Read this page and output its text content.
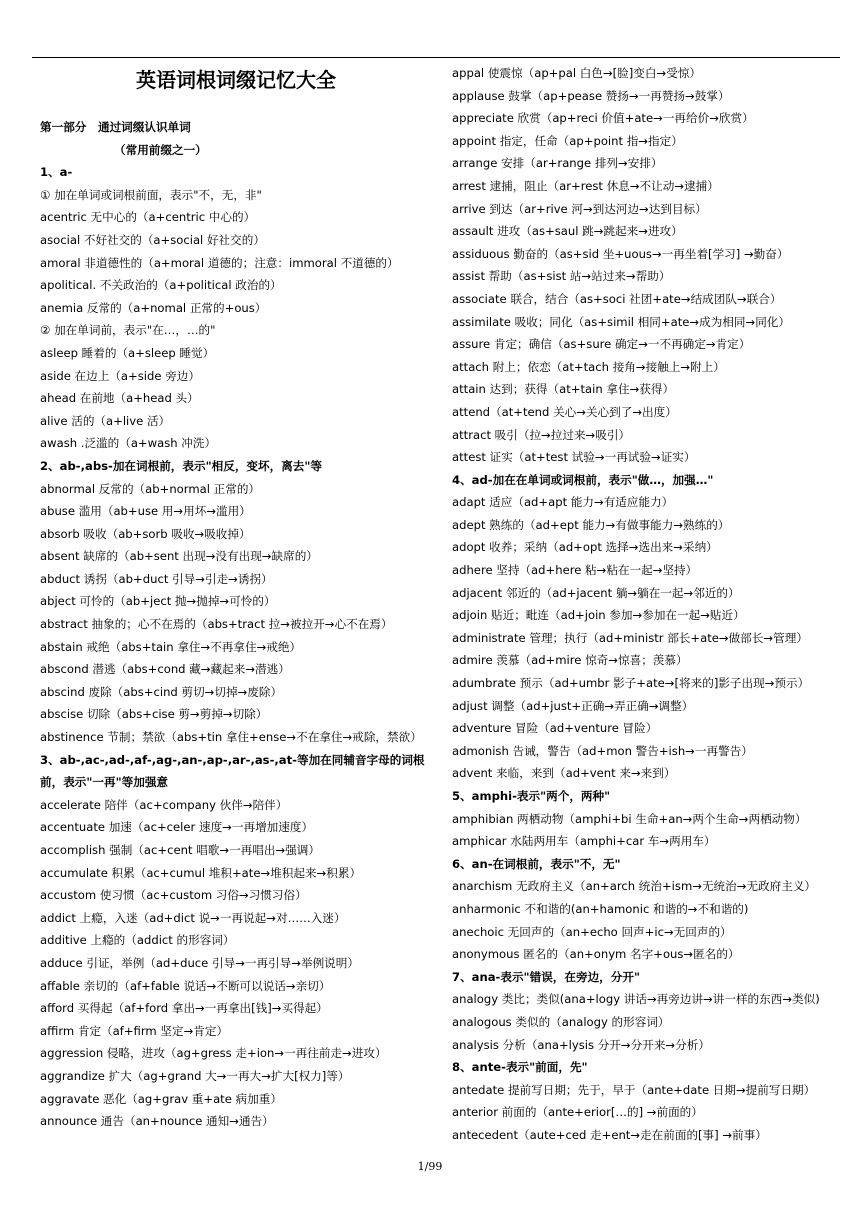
英语词根词缀记忆大全
第一部分　通过词缀认识单词
（常用前缀之一）
1、a-
① 加在单词或词根前面，表示"不，无，非"
acentric 无中心的（a+centric 中心的）
asocial 不好社交的（a+social 好社交的）
amoral 非道德性的（a+moral 道德的；注意：immoral 不道德的）
apolitical. 不关政治的（a+political 政治的）
anemia 反常的（a+nomal 正常的+ous）
② 加在单词前，表示"在…，…的"
asleep 睡着的（a+sleep 睡觉）
aside 在边上（a+side 旁边）
ahead 在前地（a+head 头）
alive 活的（a+live 活）
awash .泛滥的（a+wash 冲洗）
2、ab-,abs-加在词根前，表示"相反，变坏，离去"等
abnormal 反常的（ab+normal 正常的）
abuse 滥用（ab+use 用→用坏→滥用）
absorb 吸收（ab+sorb 吸收→吸收掉）
absent 缺席的（ab+sent 出现→没有出现→缺席的）
abduct 诱拐（ab+duct 引导→引走→诱拐）
abject 可怜的（ab+ject 抛→抛掉→可怜的）
abstract 抽象的；心不在焉的（abs+tract 拉→被拉开→心不在焉）
abstain 戒绝（abs+tain 拿住→不再拿住→戒绝）
abscond 潜逃（abs+cond 藏→藏起来→潜逃）
abscind 废除（abs+cind 剪切→切掉→废除）
abscise 切除（abs+cise 剪→剪掉→切除）
abstinence 节制；禁欲（abs+tin 拿住+ense→不在拿住→戒除，禁欲）
3、ab-,ac-,ad-,af-,ag-,an-,ap-,ar-,as-,at-等加在同辅音字母的词根前，表示"一再"等加强意
accelerate 陪伴（ac+company 伙伴→陪伴）
accentuate 加速（ac+celer 速度→一再增加速度）
accomplish 强制（ac+cent 唱歌→一再唱出→强调）
accumulate 积累（ac+cumul 堆积+ate→堆积起来→积累）
accustom 使习惯（ac+custom 习俗→习惯习俗）
addict 上瘾，入迷（ad+dict 说→一再说起→对……入迷）
additive 上瘾的（addict 的形容词）
adduce 引证，举例（ad+duce 引导→一再引导→举例说明）
affable 亲切的（af+fable 说话→不断可以说话→亲切）
afford 买得起（af+ford 拿出→一再拿出[钱]→买得起）
affirm 肯定（af+firm 坚定→肯定）
aggression 侵略，进攻（ag+gress 走+ion→一再往前走→进攻）
aggrandize 扩大（ag+grand 大→一再大→扩大[权力]等）
aggravate 恶化（ag+grav 重+ate 病加重）
announce 通告（an+nounce 通知→通告）
appal 使震惊（ap+pal 白色→[脸]变白→受惊）
applause 鼓掌（ap+pease 赞扬→一再赞扬→鼓掌）
appreciate 欣赏（ap+reci 价值+ate→一再给价→欣赏）
appoint 指定，任命（ap+point 指→指定）
arrange 安排（ar+range 排列→安排）
arrest 逮捕，阻止（ar+rest 休息→不让动→逮捕）
arrive 到达（ar+rive 河→到达河边→达到目标）
assault 进攻（as+saul 跳→跳起来→进攻）
assiduous 勤奋的（as+sid 坐+uous→一再坐着[学习] →勤奋）
assist 帮助（as+sist 站→站过来→帮助）
associate 联合，结合（as+soci 社团+ate→结成团队→联合）
assimilate 吸收；同化（as+simil 相同+ate→成为相同→同化）
assure 肯定；确信（as+sure 确定→一不再确定→肯定）
attach 附上；依恋（at+tach 接角→接触上→附上）
attain 达到；获得（at+tain 拿住→获得）
attend（at+tend 关心→关心到了→出度）
attract 吸引（拉→拉过来→吸引）
attest 证实（at+test 试验→一再试验→证实）
4、ad-加在在单词或词根前，表示"做…，加强…"
adapt 适应（ad+apt 能力→有适应能力）
adept 熟练的（ad+ept 能力→有做事能力→熟练的）
adopt 收养；采纳（ad+opt 选择→选出来→采纳）
adhere 坚持（ad+here 粘→粘在一起→坚持）
adjacent 邻近的（ad+jacent 躺→躺在一起→邻近的）
adjoin 贴近；毗连（ad+join 参加→参加在一起→贴近）
administrate 管理；执行（ad+ministr 部长+ate→做部长→管理）
admire 羡慕（ad+mire 惊奇→惊喜；羡慕）
adumbrate 预示（ad+umbr 影子+ate→[将来的]影子出现→预示）
adjust 调整（ad+just+正确→弄正确→调整）
adventure 冒险（ad+venture 冒险）
admonish 告诫，警告（ad+mon 警告+ish→一再警告）
advent 来临，来到（ad+vent 来→来到）
5、amphi-表示"两个，两种"
amphibian 两栖动物（amphi+bi 生命+an→两个生命→两栖动物）
amphicar 水陆两用车（amphi+car 车→两用车）
6、an-在词根前，表示"不，无"
anarchism 无政府主义（an+arch 统治+ism→无统治→无政府主义）
anharmonic 不和谐的(an+hamonic 和谐的→不和谐的)
anechoic 无回声的（an+echo 回声+ic→无回声的）
anonymous 匿名的（an+onym 名字+ous→匿名的）
7、ana-表示"错误，在旁边，分开"
analogy 类比；类似(ana+logy 讲话→再旁边讲→讲一样的东西→类似)
analogous 类似的（analogy 的形容词）
analysis 分析（ana+lysis 分开→分开来→分析）
8、ante-表示"前面，先"
antedate 提前写日期；先于，早于（ante+date 日期→提前写日期）
anterior 前面的（ante+erior[…的] →前面的）
antecedent（aute+ced 走+ent→走在前面的[事] →前事）
1/99
